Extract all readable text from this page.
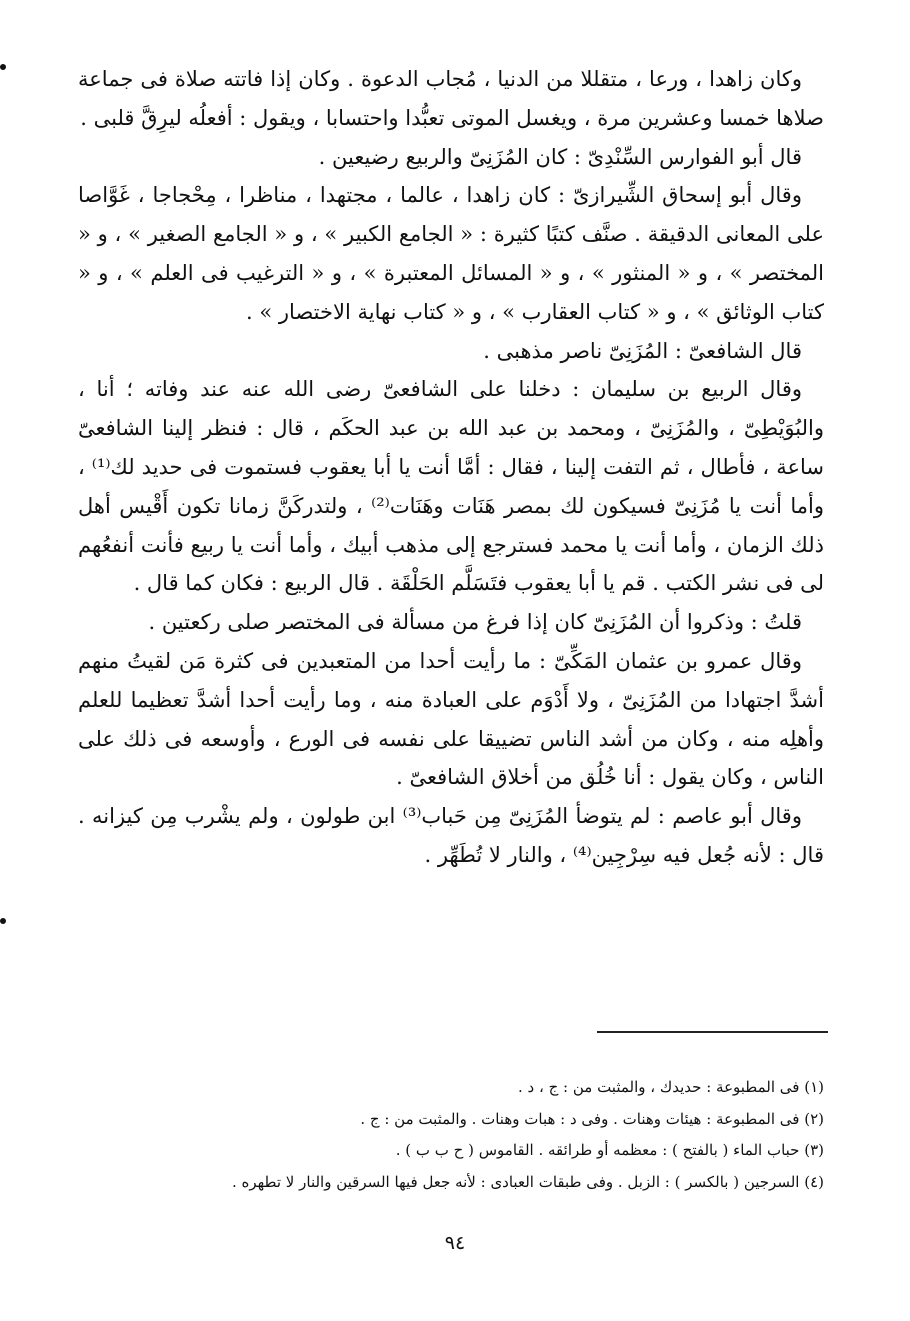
وكان زاهدا ، ورعا ، متقللا من الدنيا ، مُجاب الدعوة . وكان إذا فاتته صلاة فى جماعة صلاها خمسا وعشرين مرة ، ويغسل الموتى تعبُّدا واحتسابا ، ويقول : أفعلُه ليرِقَّ قلبى .

قال أبو الفوارس السِّنْدِىّ : كان المُزَنِىّ والربيع رضيعين .

وقال أبو إسحاق الشِّيرازىّ : كان زاهدا ، عالما ، مجتهدا ، مناظرا ، مِحْجاجا ، غَوَّاصا على المعانى الدقيقة . صنَّف كتبًا كثيرة : « الجامع الكبير » ، و « الجامع الصغير » ، و « المختصر » ، و « المنثور » ، و « المسائل المعتبرة » ، و « الترغيب فى العلم » ، و « كتاب الوثائق » ، و « كتاب العقارب » ، و « كتاب نهاية الاختصار » .

قال الشافعىّ : المُزَنِىّ ناصر مذهبى .

وقال الربيع بن سليمان : دخلنا على الشافعىّ رضى الله عنه عند وفاته ؛ أنا ، والبُوَيْطِىّ ، والمُزَنِىّ ، ومحمد بن عبد الله بن عبد الحكَم ، قال : فنظر إلينا الشافعىّ ساعة ، فأطال ، ثم التفت إلينا ، فقال : أمَّا أنت يا أبا يعقوب فستموت فى حديد لك⁽¹⁾ ، وأما أنت يا مُزَنِىّ فسيكون لك بمصر هَنَات وهَنَات⁽²⁾ ، ولتدركَنَّ زمانا تكون أَقْيس أهل ذلك الزمان ، وأما أنت يا محمد فسترجع إلى مذهب أبيك ، وأما أنت يا ربيع فأنت أنفعُهم لى فى نشر الكتب . قم يا أبا يعقوب فتَسَلَّم الحَلْقَة . قال الربيع : فكان كما قال .

قلتُ : وذكروا أن المُزَنِىّ كان إذا فرغ من مسألة فى المختصر صلى ركعتين .

وقال عمرو بن عثمان المَكِّىّ : ما رأيت أحدا من المتعبدين فى كثرة مَن لقيتُ منهم أشدَّ اجتهادا من المُزَنِىّ ، ولا أَدْوَم على العبادة منه ، وما رأيت أحدا أشدَّ تعظيما للعلم وأهلِه منه ، وكان من أشد الناس تضييقا على نفسه فى الورع ، وأوسعه فى ذلك على الناس ، وكان يقول : أنا خُلُق من أخلاق الشافعىّ .

وقال أبو عاصم : لم يتوضأ المُزَنِىّ مِن حَباب⁽³⁾ ابن طولون ، ولم يشْرب مِن كيزانه . قال : لأنه جُعل فيه سِرْجِين⁽⁴⁾ ، والنار لا تُطَهِّر .

(١) فى المطبوعة : حديدك ، والمثبت من : ج ، د .

(٢) فى المطبوعة : هيئات وهنات . وفى د : هبات وهنات . والمثبت من : ج .

(٣) حباب الماء ( بالفتح ) : معظمه أو طرائقه . القاموس ( ح ب ب ) .

(٤) السرجين ( بالكسر ) : الزبل . وفى طبقات العبادى : لأنه جعل فيها السرقين والنار لا تطهره .

٩٤
